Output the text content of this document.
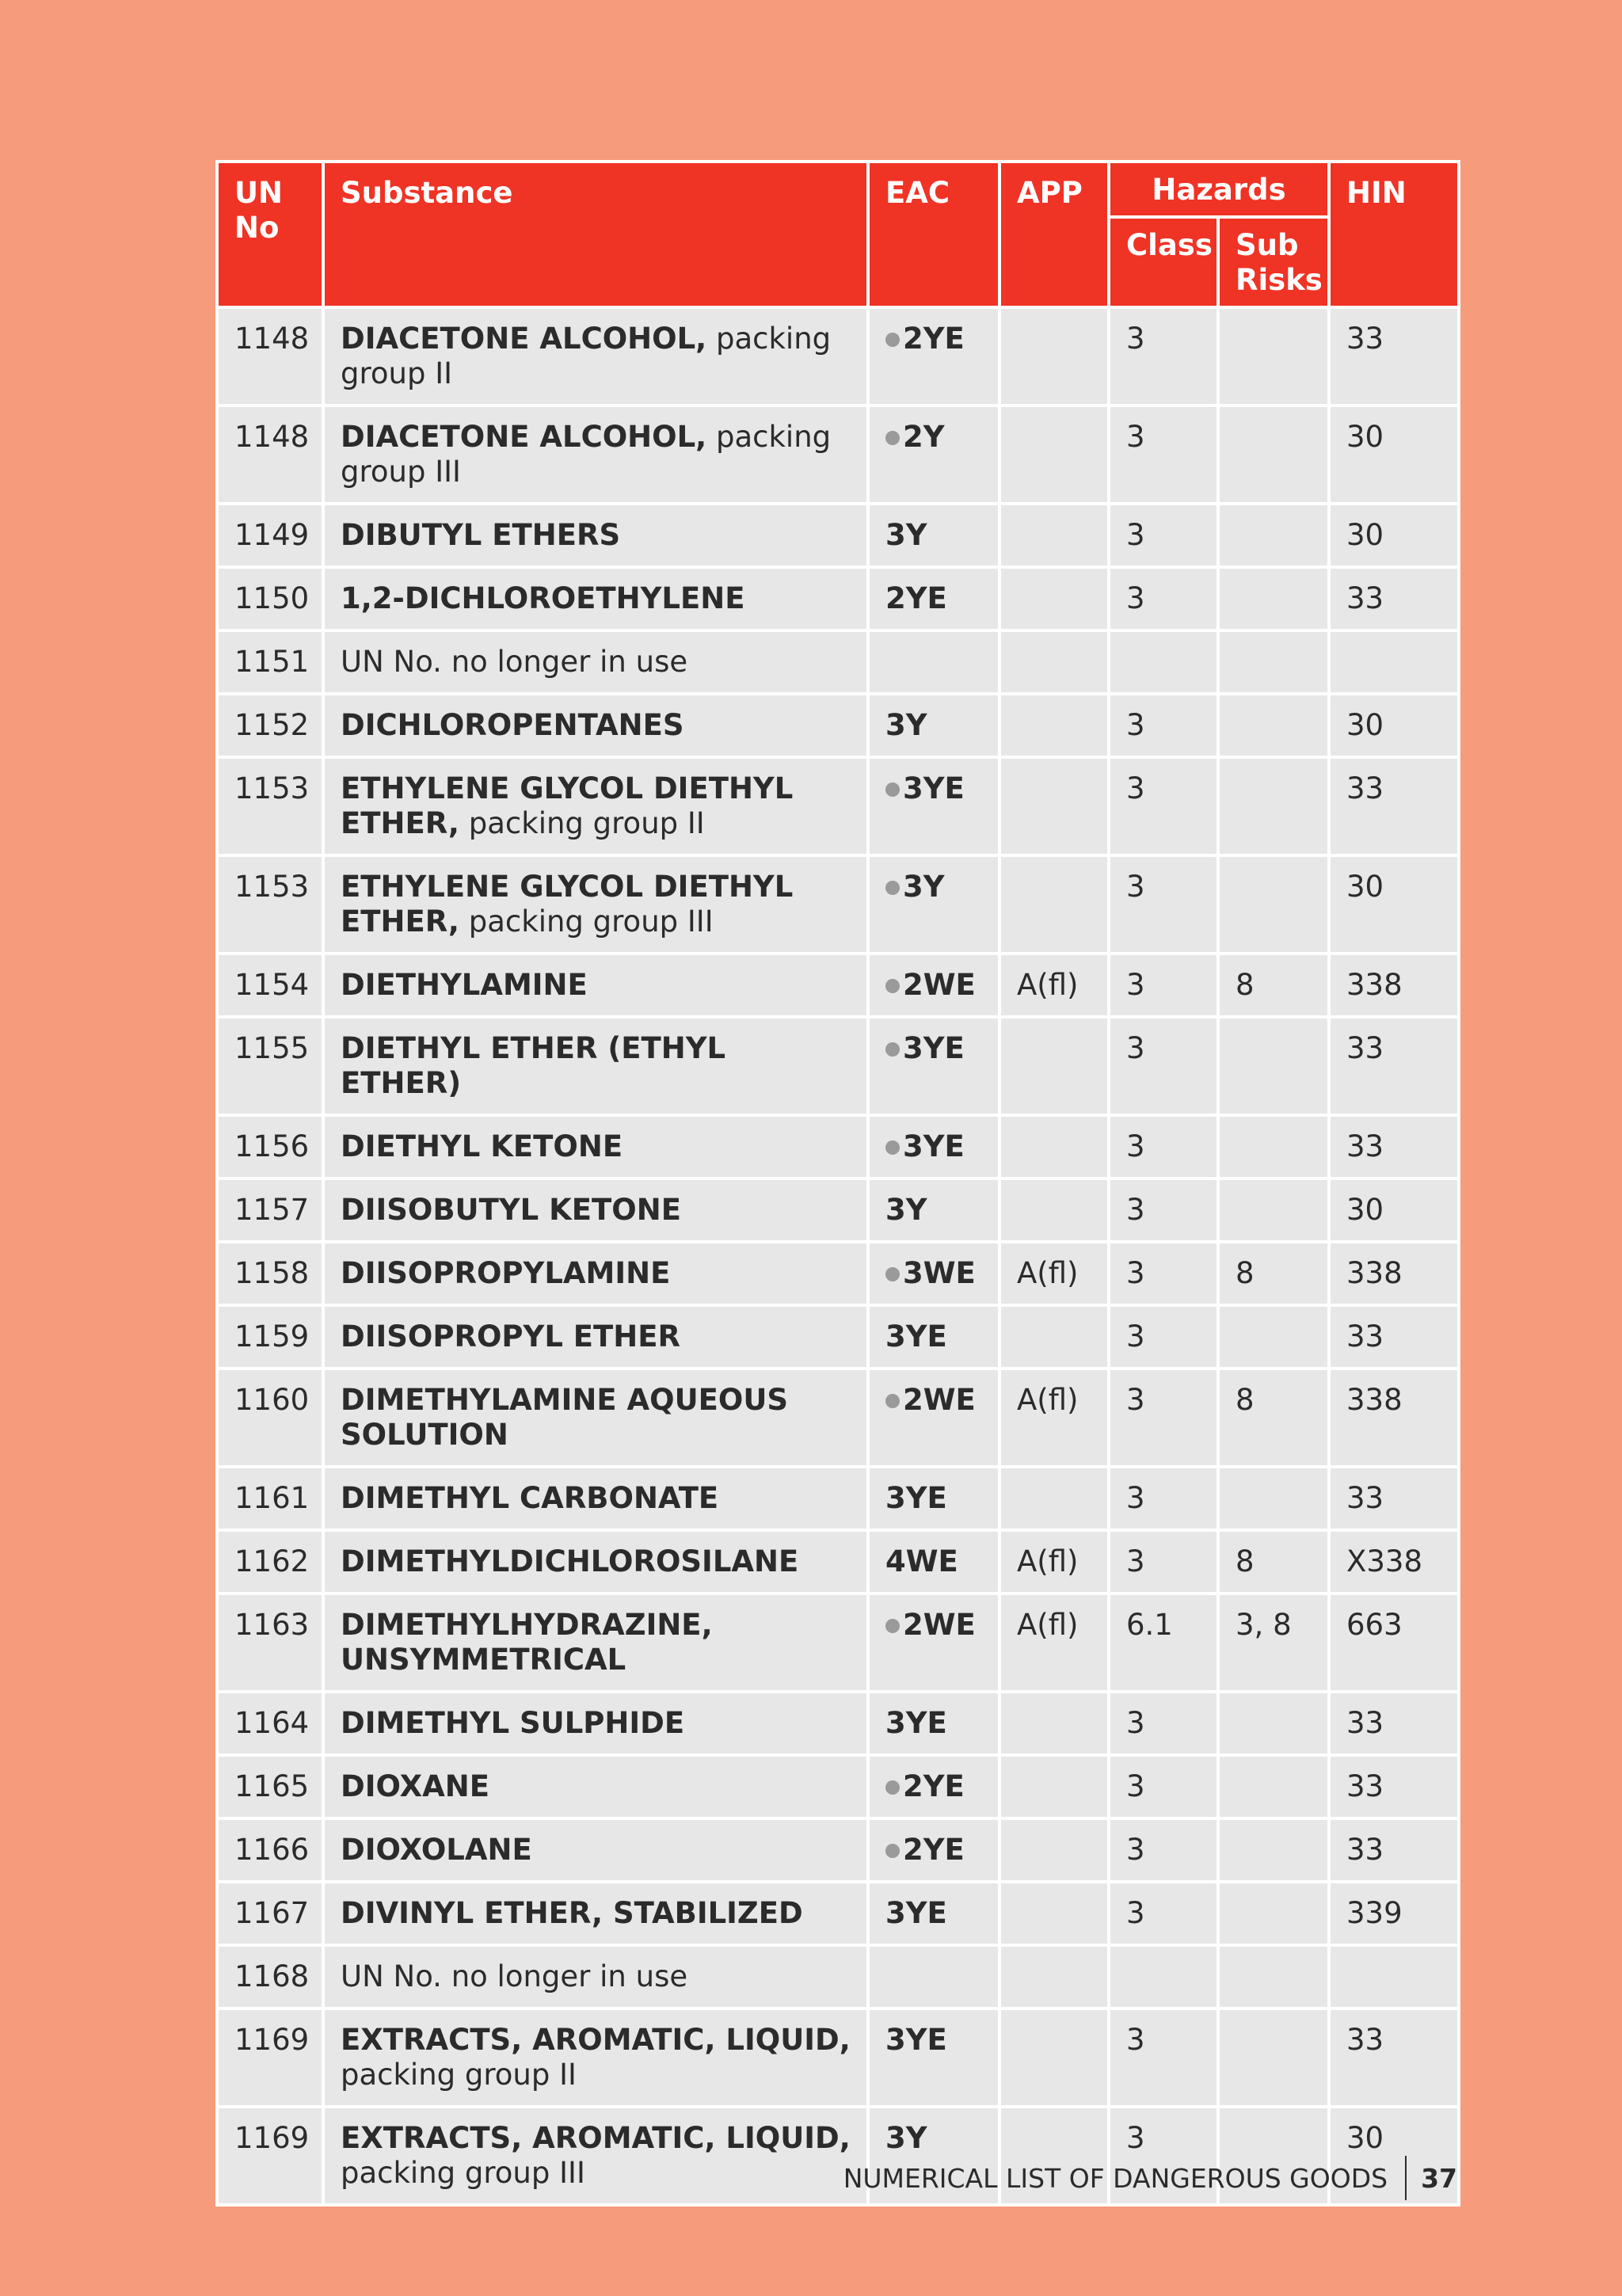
UN No	Substance	EAC	APP	Hazards		HIN
				Class	Sub Risks	
1148	DIACETONE ALCOHOL, packing group II	2YE		3		33
1148	DIACETONE ALCOHOL, packing group III	2Y		3		30
1149	DIBUTYL ETHERS	3Y		3		30
1150	1,2-DICHLOROETHYLENE	2YE		3		33
1151	UN No. no longer in use					
1152	DICHLOROPENTANES	3Y		3		30
1153	ETHYLENE GLYCOL DIETHYL ETHER, packing group II	3YE		3		33
1153	ETHYLENE GLYCOL DIETHYL ETHER, packing group III	3Y		3		30
1154	DIETHYLAMINE	2WE	A(fl)	3	8	338
1155	DIETHYL ETHER (ETHYL ETHER)	3YE		3		33
1156	DIETHYL KETONE	3YE		3		33
1157	DIISOBUTYL KETONE	3Y		3		30
1158	DIISOPROPYLAMINE	3WE	A(fl)	3	8	338
1159	DIISOPROPYL ETHER	3YE		3		33
1160	DIMETHYLAMINE AQUEOUS SOLUTION	2WE	A(fl)	3	8	338
1161	DIMETHYL CARBONATE	3YE		3		33
1162	DIMETHYLDICHLOROSILANE	4WE	A(fl)	3	8	X338
1163	DIMETHYLHYDRAZINE, UNSYMMETRICAL	2WE	A(fl)	6.1	3, 8	663
1164	DIMETHYL SULPHIDE	3YE		3		33
1165	DIOXANE	2YE		3		33
1166	DIOXOLANE	2YE		3		33
1167	DIVINYL ETHER, STABILIZED	3YE		3		339
1168	UN No. no longer in use					
1169	EXTRACTS, AROMATIC, LIQUID, packing group II	3YE		3		33
1169	EXTRACTS, AROMATIC, LIQUID, packing group III	3Y		3		30
NUMERICAL LIST OF DANGEROUS GOODS 37
